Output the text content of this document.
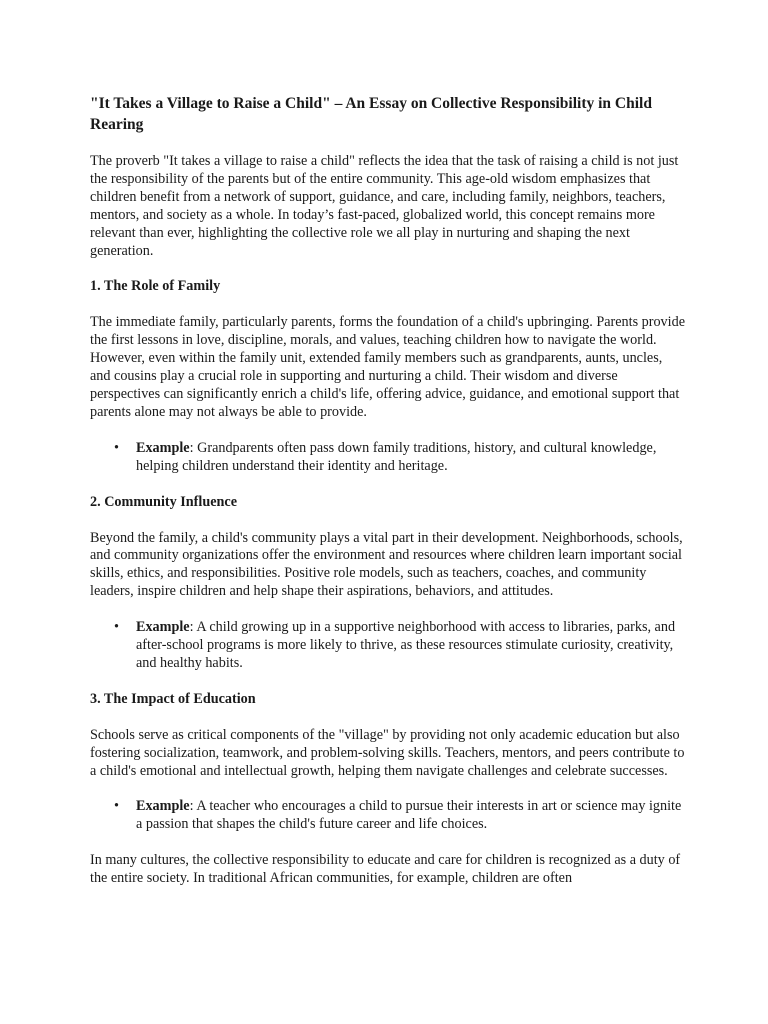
"It Takes a Village to Raise a Child" – An Essay on Collective Responsibility in Child Rearing

The proverb "It takes a village to raise a child" reflects the idea that the task of raising a child is not just the responsibility of the parents but of the entire community. This age-old wisdom emphasizes that children benefit from a network of support, guidance, and care, including family, neighbors, teachers, mentors, and society as a whole. In today’s fast-paced, globalized world, this concept remains more relevant than ever, highlighting the collective role we all play in nurturing and shaping the next generation.

1. The Role of Family

The immediate family, particularly parents, forms the foundation of a child's upbringing. Parents provide the first lessons in love, discipline, morals, and values, teaching children how to navigate the world. However, even within the family unit, extended family members such as grandparents, aunts, uncles, and cousins play a crucial role in supporting and nurturing a child. Their wisdom and diverse perspectives can significantly enrich a child's life, offering advice, guidance, and emotional support that parents alone may not always be able to provide.

• Example: Grandparents often pass down family traditions, history, and cultural knowledge, helping children understand their identity and heritage.
2. Community Influence

Beyond the family, a child's community plays a vital part in their development. Neighborhoods, schools, and community organizations offer the environment and resources where children learn important social skills, ethics, and responsibilities. Positive role models, such as teachers, coaches, and community leaders, inspire children and help shape their aspirations, behaviors, and attitudes.

• Example: A child growing up in a supportive neighborhood with access to libraries, parks, and after-school programs is more likely to thrive, as these resources stimulate curiosity, creativity, and healthy habits.
3. The Impact of Education

Schools serve as critical components of the "village" by providing not only academic education but also fostering socialization, teamwork, and problem-solving skills. Teachers, mentors, and peers contribute to a child's emotional and intellectual growth, helping them navigate challenges and celebrate successes.

• Example: A teacher who encourages a child to pursue their interests in art or science may ignite a passion that shapes the child's future career and life choices.

In many cultures, the collective responsibility to educate and care for children is recognized as a duty of the entire society. In traditional African communities, for example, children are often
